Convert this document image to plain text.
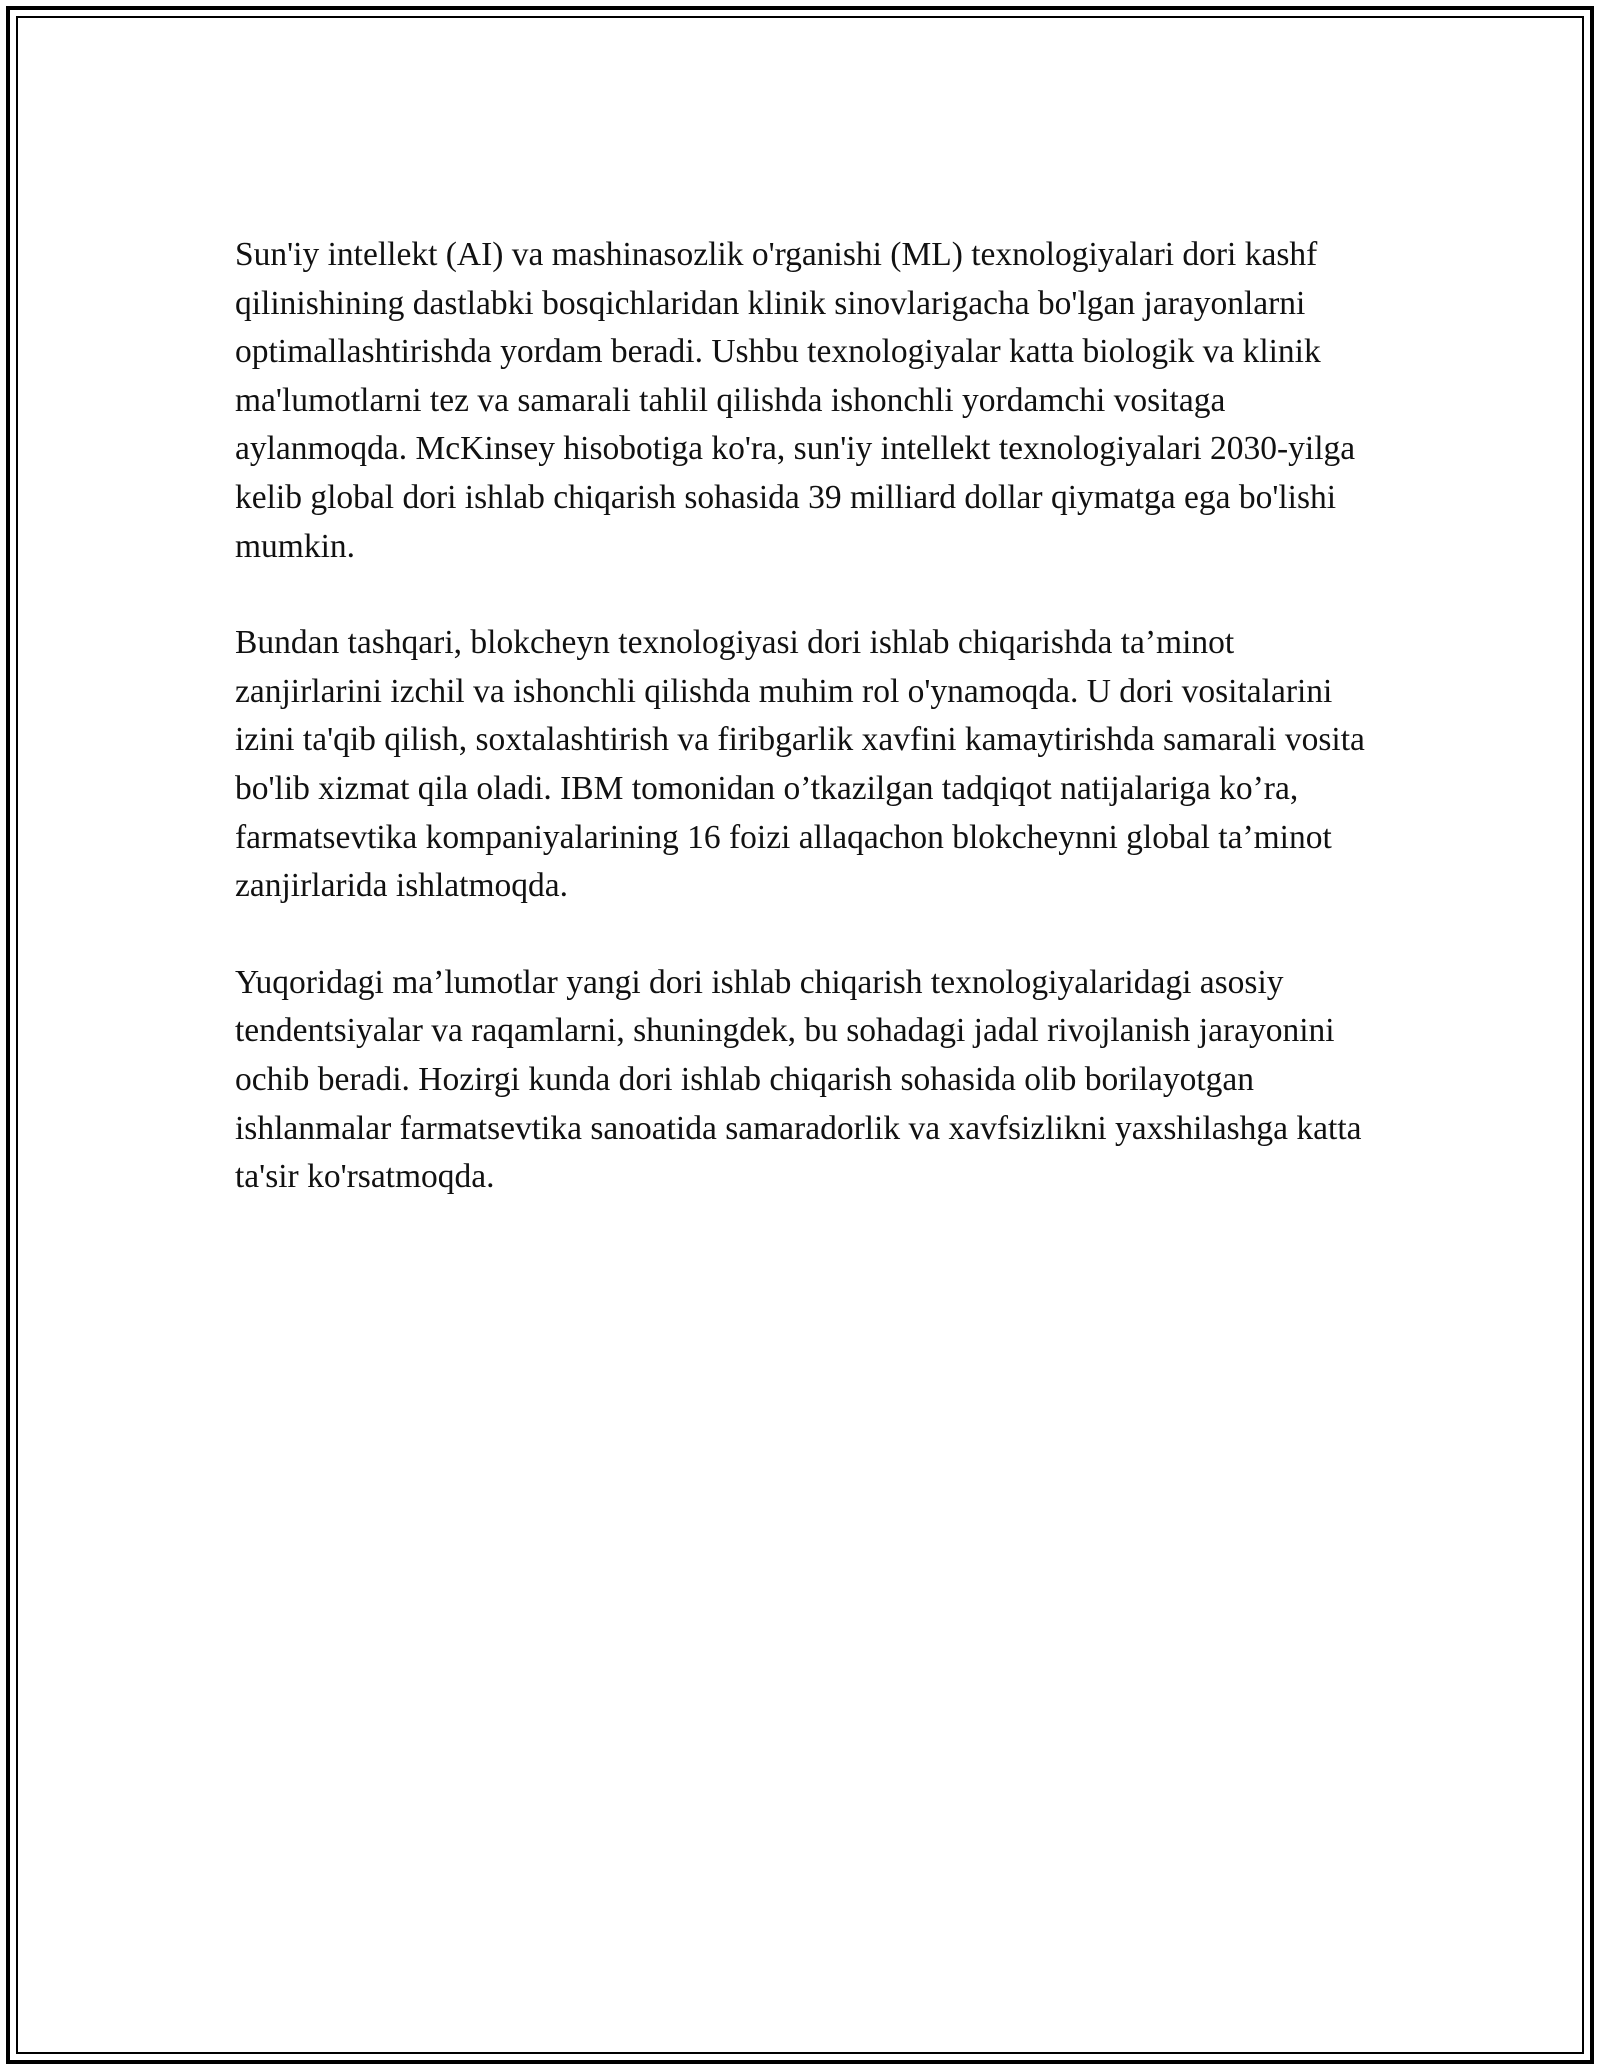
Sun'iy intellekt (AI) va mashinasozlik o'rganishi (ML) texnologiyalari dori kashf qilinishining dastlabki bosqichlaridan klinik sinovlarigacha bo'lgan jarayonlarni optimallashtirishda yordam beradi. Ushbu texnologiyalar katta biologik va klinik ma'lumotlarni tez va samarali tahlil qilishda ishonchli yordamchi vositaga aylanmoqda. McKinsey hisobotiga ko'ra, sun'iy intellekt texnologiyalari 2030-yilga kelib global dori ishlab chiqarish sohasida 39 milliard dollar qiymatga ega bo'lishi mumkin.

Bundan tashqari, blokcheyn texnologiyasi dori ishlab chiqarishda ta’minot zanjirlarini izchil va ishonchli qilishda muhim rol o'ynamoqda. U dori vositalarini izini ta'qib qilish, soxtalashtirish va firibgarlik xavfini kamaytirishda samarali vosita bo'lib xizmat qila oladi. IBM tomonidan o’tkazilgan tadqiqot natijalariga ko’ra, farmatsevtika kompaniyalarining 16 foizi allaqachon blokcheynni global ta’minot zanjirlarida ishlatmoqda.

Yuqoridagi ma’lumotlar yangi dori ishlab chiqarish texnologiyalaridagi asosiy tendentsiyalar va raqamlarni, shuningdek, bu sohadagi jadal rivojlanish jarayonini ochib beradi. Hozirgi kunda dori ishlab chiqarish sohasida olib borilayotgan ishlanmalar farmatsevtika sanoatida samaradorlik va xavfsizlikni yaxshilashga katta ta'sir ko'rsatmoqda.
